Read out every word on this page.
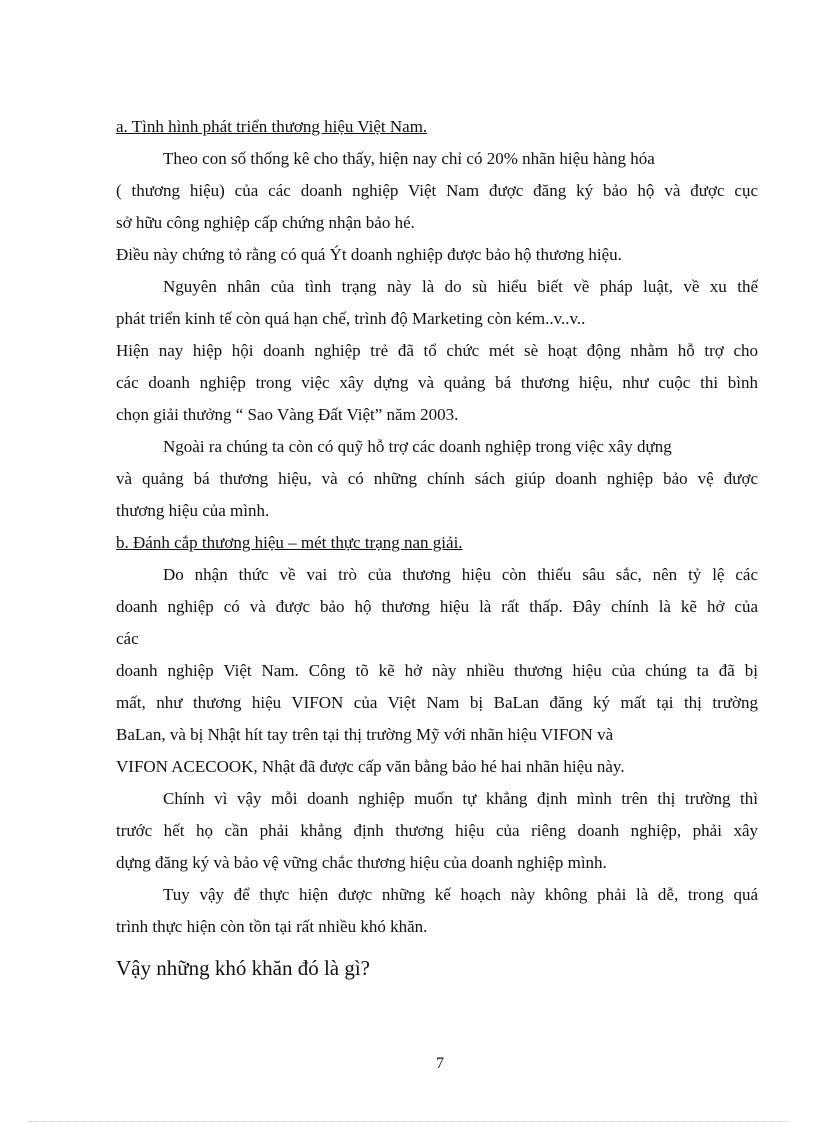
a. Tình hình phát triển thương hiệu Việt Nam.

Theo con số thống kê cho thấy, hiện nay chỉ có 20% nhãn hiệu hàng hóa

( thương hiệu) của các doanh nghiệp Việt Nam được đăng ký bảo hộ và được cục

sở hữu công nghiệp cấp chứng nhận bảo hé.

Điều này chứng tỏ rằng có quá Ýt doanh nghiệp được bảo hộ thương hiệu.

Nguyên nhân của tình trạng này là do sù hiểu biết về pháp luật, về xu thế

phát triển kinh tế còn quá hạn chế, trình độ Marketing còn kém..v..v..

Hiện nay hiệp hội doanh nghiệp trẻ đã tổ chức mét sè hoạt động nhằm hỗ trợ cho

các doanh nghiệp trong việc xây dựng và quảng bá thương hiệu, như cuộc thi bình

chọn giải thưởng “ Sao Vàng Đất Việt” năm 2003.

Ngoài ra chúng ta còn có quỹ hỗ trợ các doanh nghiệp trong việc xây dựng

và quảng bá thương hiệu, và có những chính sách giúp doanh nghiệp bảo vệ được

thương hiệu của mình.

b. Đánh cắp thương hiệu – mét thực trạng nan giải.

Do nhận thức về vai trò của thương hiệu còn thiếu sâu sắc, nên tỷ lệ các

doanh nghiệp có và được bảo hộ thương hiệu là rất thấp. Đây chính là kẽ hở của

các

doanh nghiệp Việt Nam. Công tõ kẽ hở này nhiều thương hiệu của chúng ta đã bị

mất, như thương hiệu VIFON của Việt Nam bị BaLan đăng ký mất tại thị trường

BaLan, và bị Nhật hít tay trên tại thị trường Mỹ với nhãn hiệu VIFON và

VIFON ACECOOK, Nhật đã được cấp văn bằng bảo hé hai nhãn hiệu này.

Chính vì vậy mỗi doanh nghiệp muốn tự khẳng định mình trên thị trường thì

trước hết họ cần phải khẳng định thương hiệu của riêng doanh nghiệp, phải xây

dựng đăng ký và bảo vệ vững chắc thương hiệu của doanh nghiệp mình.

Tuy vậy để thực hiện được những kế hoạch này không phải là dễ, trong quá

trình thực hiện còn tồn tại rất nhiều khó khăn.

Vậy những khó khăn đó là gì?

7
